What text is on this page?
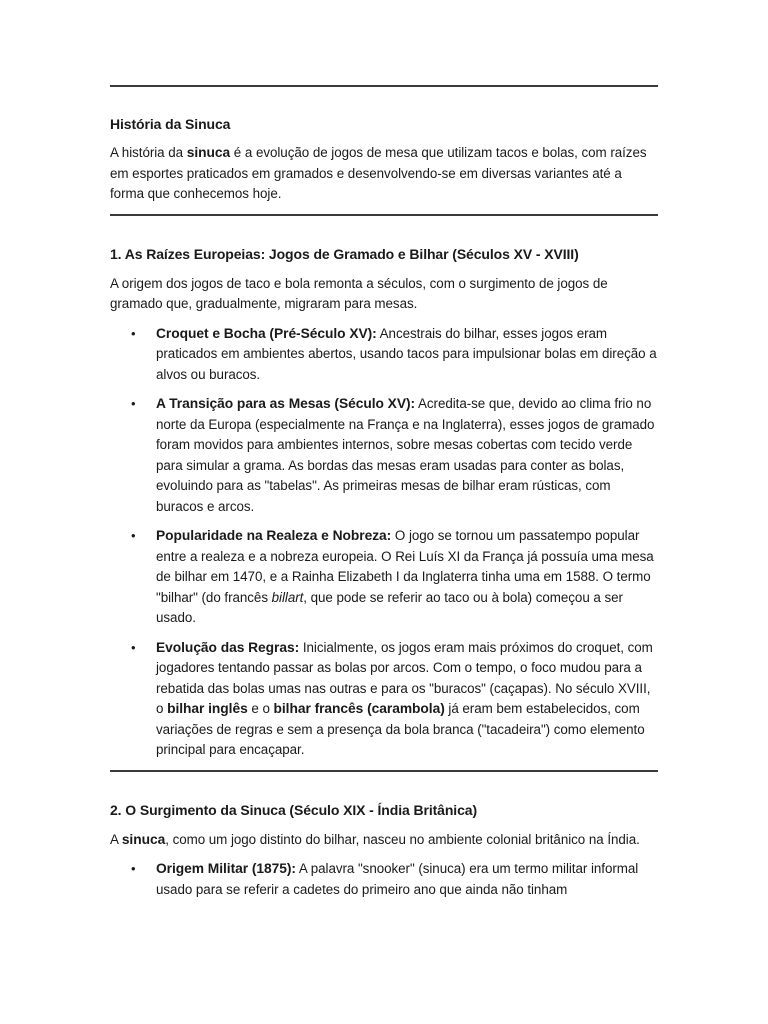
História da Sinuca

A história da sinuca é a evolução de jogos de mesa que utilizam tacos e bolas, com raízes em esportes praticados em gramados e desenvolvendo-se em diversas variantes até a forma que conhecemos hoje.

1. As Raízes Europeias: Jogos de Gramado e Bilhar (Séculos XV - XVIII)

A origem dos jogos de taco e bola remonta a séculos, com o surgimento de jogos de gramado que, gradualmente, migraram para mesas.

• Croquet e Bocha (Pré-Século XV): Ancestrais do bilhar, esses jogos eram praticados em ambientes abertos, usando tacos para impulsionar bolas em direção a alvos ou buracos.
• A Transição para as Mesas (Século XV): Acredita-se que, devido ao clima frio no norte da Europa (especialmente na França e na Inglaterra), esses jogos de gramado foram movidos para ambientes internos, sobre mesas cobertas com tecido verde para simular a grama. As bordas das mesas eram usadas para conter as bolas, evoluindo para as "tabelas". As primeiras mesas de bilhar eram rústicas, com buracos e arcos.
• Popularidade na Realeza e Nobreza: O jogo se tornou um passatempo popular entre a realeza e a nobreza europeia. O Rei Luís XI da França já possuía uma mesa de bilhar em 1470, e a Rainha Elizabeth I da Inglaterra tinha uma em 1588. O termo "bilhar" (do francês billart, que pode se referir ao taco ou à bola) começou a ser usado.
• Evolução das Regras: Inicialmente, os jogos eram mais próximos do croquet, com jogadores tentando passar as bolas por arcos. Com o tempo, o foco mudou para a rebatida das bolas umas nas outras e para os "buracos" (caçapas). No século XVIII, o bilhar inglês e o bilhar francês (carambola) já eram bem estabelecidos, com variações de regras e sem a presença da bola branca ("tacadeira") como elemento principal para encaçapar.
2. O Surgimento da Sinuca (Século XIX - Índia Britânica)

A sinuca, como um jogo distinto do bilhar, nasceu no ambiente colonial britânico na Índia.

• Origem Militar (1875): A palavra "snooker" (sinuca) era um termo militar informal usado para se referir a cadetes do primeiro ano que ainda não tinham
